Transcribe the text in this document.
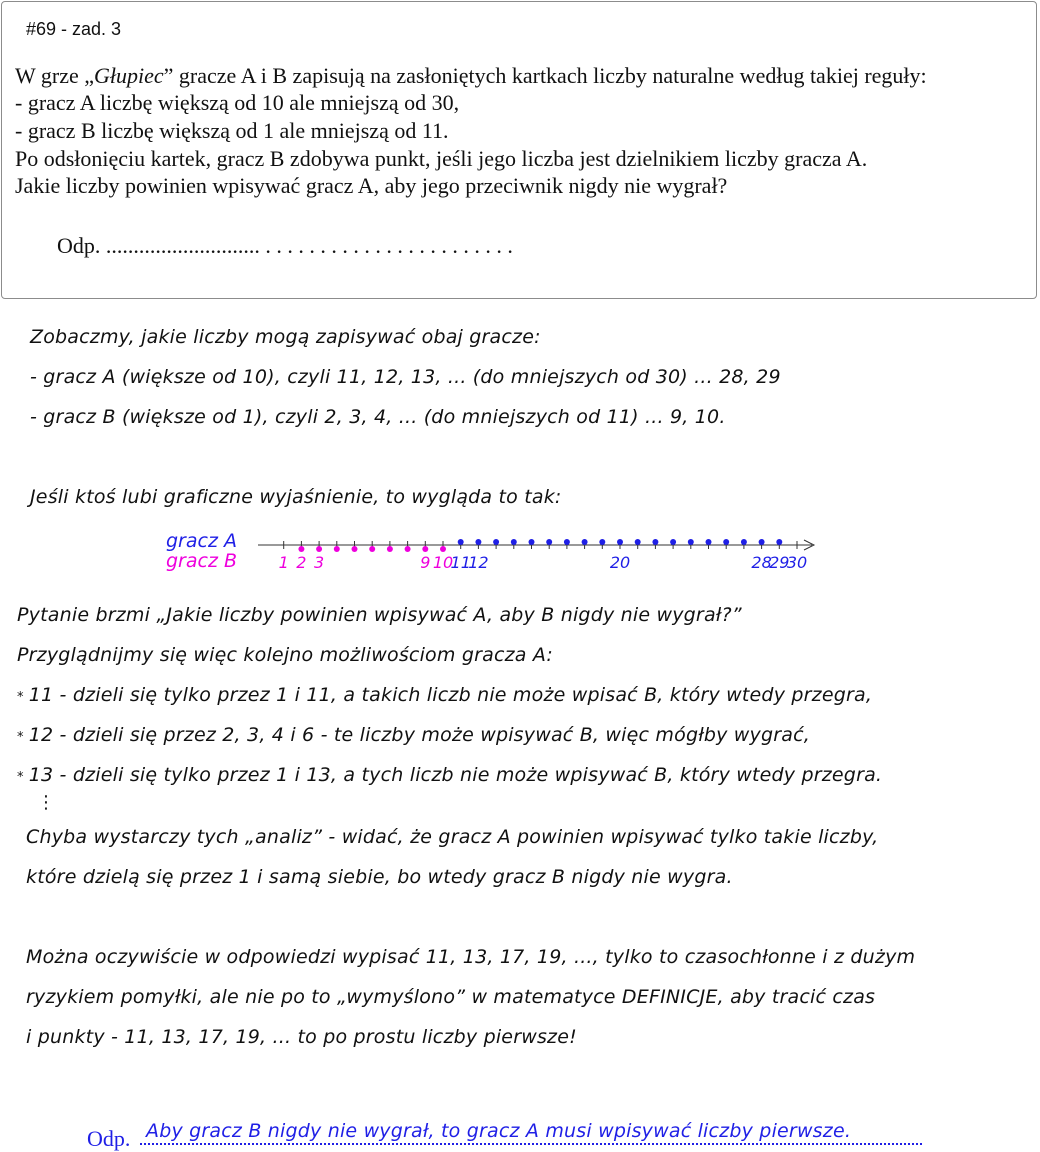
#69 - zad. 3
W grze „Głupiec” gracze A i B zapisują na zasłoniętych kartkach liczby naturalne według takiej reguły:
- gracz A liczbę większą od 10 ale mniejszą od 30,
- gracz B liczbę większą od 1 ale mniejszą od 11.
Po odsłonięciu kartek, gracz B zdobywa punkt, jeśli jego liczba jest dzielnikiem liczby gracza A.
Jakie liczby powinien wpisywać gracz A, aby jego przeciwnik nigdy nie wygrał?
Odp. ............................ . . . . . . . . . . . . . . . . . . . . . . .
Zobaczmy, jakie liczby mogą zapisywać obaj gracze:
- gracz A (większe od 10), czyli 11, 12, 13, ... (do mniejszych od 30) ... 28, 29
- gracz B (większe od 1), czyli 2, 3, 4, ... (do mniejszych od 11) ... 9, 10.
Jeśli ktoś lubi graficzne wyjaśnienie, to wygląda to tak:
gracz A
gracz B	1 2 3	9 10
11
12	20	28
29
30
Pytanie brzmi „Jakie liczby powinien wpisywać A, aby B nigdy nie wygrał?”
Przyglądnijmy się więc kolejno możliwościom gracza A:
* 11 - dzieli się tylko przez 1 i 11, a takich liczb nie może wpisać B, który wtedy przegra,
* 12 - dzieli się przez 2, 3, 4 i 6 - te liczby może wpisywać B, więc mógłby wygrać,
* 13 - dzieli się tylko przez 1 i 13, a tych liczb nie może wpisywać B, który wtedy przegra.
⋮
Chyba wystarczy tych „analiz” - widać, że gracz A powinien wpisywać tylko takie liczby,
które dzielą się przez 1 i samą siebie, bo wtedy gracz B nigdy nie wygra.
Można oczywiście w odpowiedzi wypisać 11, 13, 17, 19, ..., tylko to czasochłonne i z dużym
ryzykiem pomyłki, ale nie po to „wymyślono” w matematyce DEFINICJE, aby tracić czas
i punkty - 11, 13, 17, 19, ... to po prostu liczby pierwsze!
Odp. Aby gracz B nigdy nie wygrał, to gracz A musi wpisywać liczby pierwsze.
